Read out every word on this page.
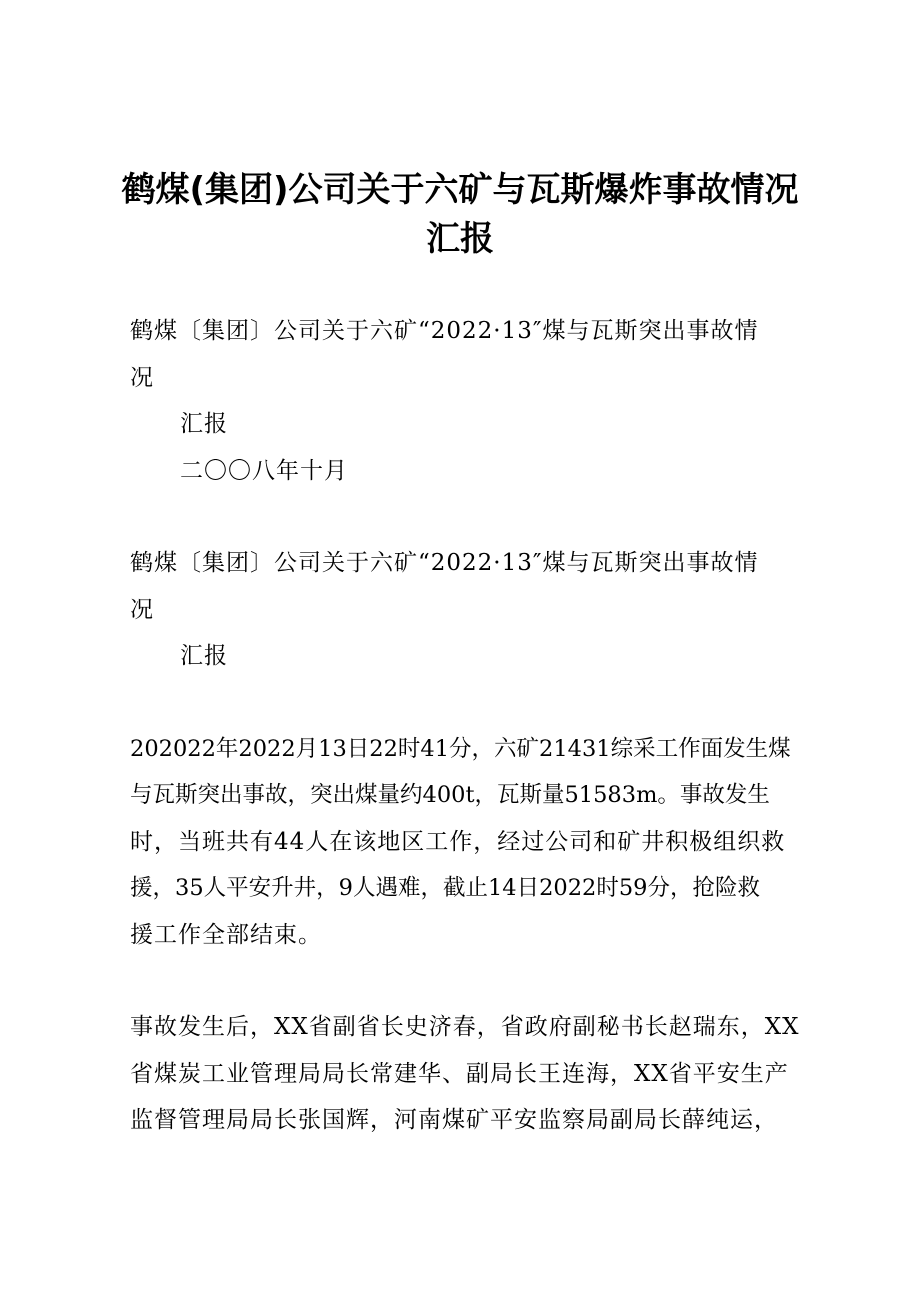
鹤煤(集团)公司关于六矿与瓦斯爆炸事故情况
汇报
鹤煤〔集团〕公司关于六矿“2022·13″煤与瓦斯突出事故情
况
汇报
二〇〇八年十月
鹤煤〔集团〕公司关于六矿“2022·13″煤与瓦斯突出事故情
况
汇报
202022年2022月13日22时41分，六矿21431综采工作面发生煤
与瓦斯突出事故，突出煤量约400t，瓦斯量51583m。事故发生
时，当班共有44人在该地区工作，经过公司和矿井积极组织救
援，35人平安升井，9人遇难，截止14日2022时59分，抢险救
援工作全部结束。
事故发生后，XX省副省长史济春，省政府副秘书长赵瑞东，XX
省煤炭工业管理局局长常建华、副局长王连海，XX省平安生产
监督管理局局长张国辉，河南煤矿平安监察局副局长薛纯运，
